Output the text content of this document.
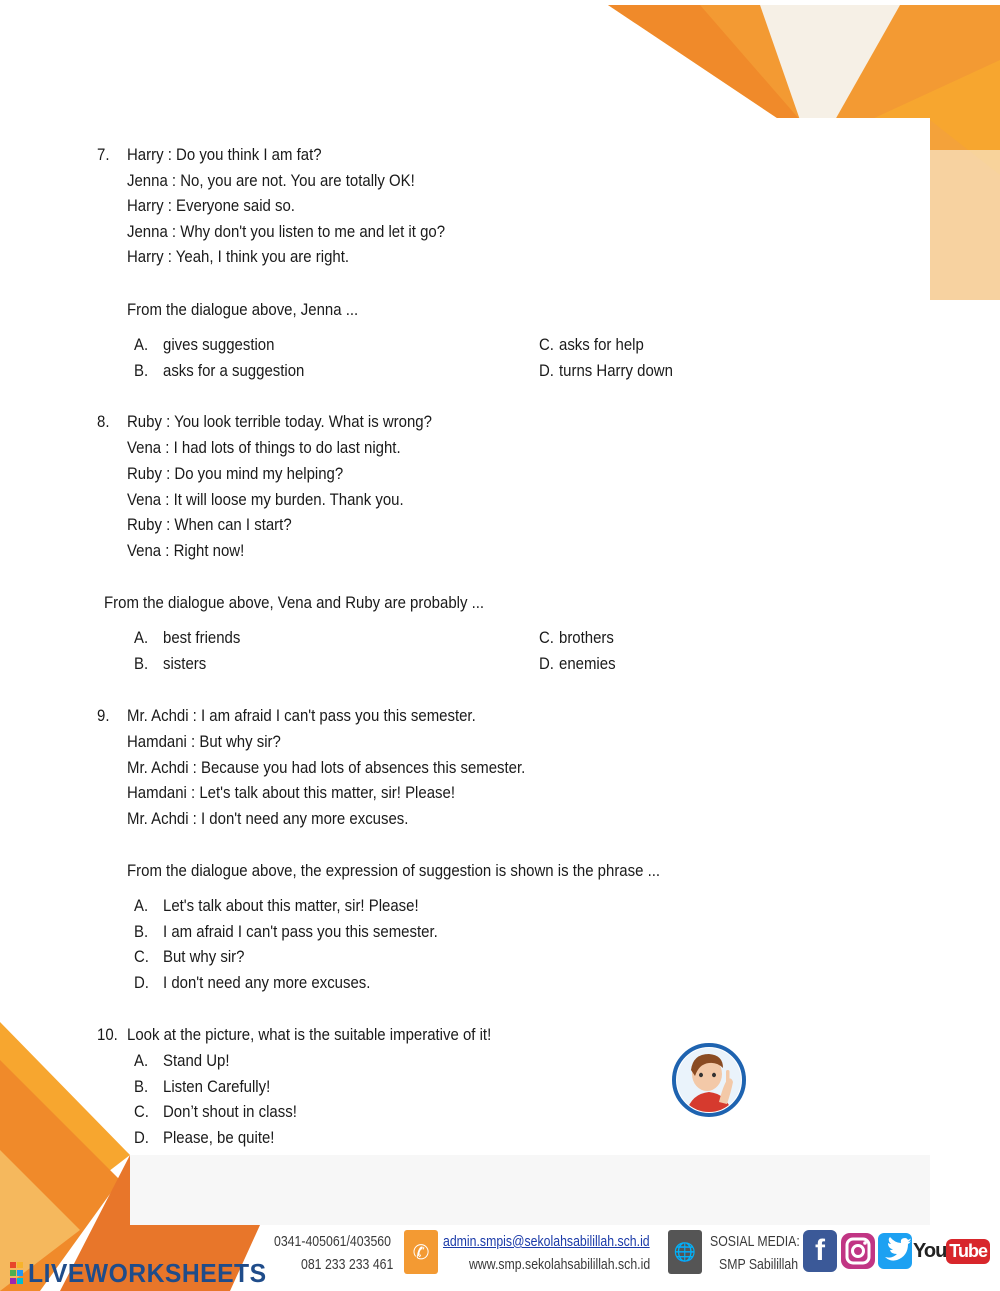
7. Harry : Do you think I am fat?
Jenna : No, you are not. You are totally OK!
Harry : Everyone said so.
Jenna : Why don't you listen to me and let it go?
Harry : Yeah, I think you are right.
From the dialogue above, Jenna ...
A. gives suggestion
B. asks for a suggestion
C. asks for help
D. turns Harry down
8. Ruby : You look terrible today. What is wrong?
Vena : I had lots of things to do last night.
Ruby : Do you mind my helping?
Vena : It will loose my burden. Thank you.
Ruby : When can I start?
Vena : Right now!
From the dialogue above, Vena and Ruby are probably ...
A. best friends
B. sisters
C. brothers
D. enemies
9. Mr. Achdi : I am afraid I can't pass you this semester.
Hamdani : But why sir?
Mr. Achdi : Because you had lots of absences this semester.
Hamdani : Let's talk about this matter, sir! Please!
Mr. Achdi : I don't need any more excuses.
From the dialogue above, the expression of suggestion is shown is the phrase ...
A. Let's talk about this matter, sir! Please!
B. I am afraid I can't pass you this semester.
C. But why sir?
D. I don't need any more excuses.
10. Look at the picture, what is the suitable imperative of it!
A. Stand Up!
B. Listen Carefully!
C. Don’t shout in class!
D. Please, be quite!
0341-405061/403560
081 233 233 461
✆ admin.smpis@sekolahsabilillah.sch.id
www.smp.sekolahsabilillah.sch.id
🌐 SOSIAL MEDIA:
SMP Sabilillah f	You Tube
LIVEWORKSHEETS
